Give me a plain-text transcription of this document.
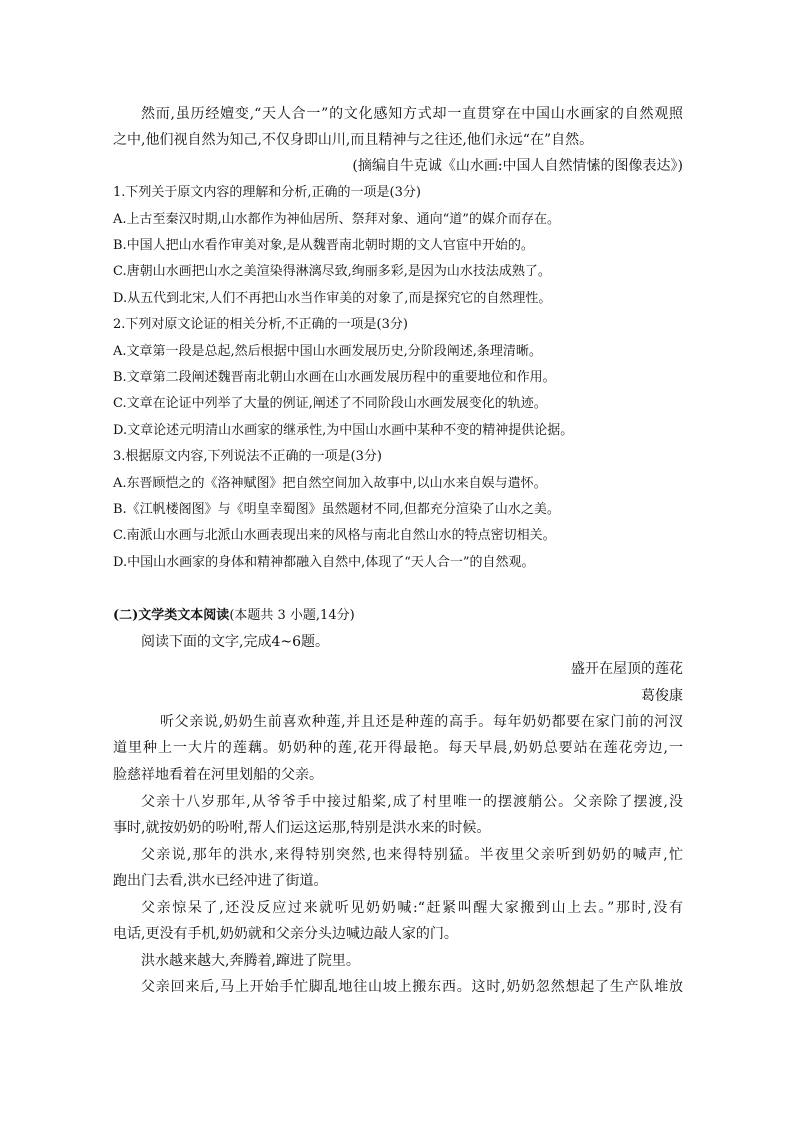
然而,虽历经嬗变,“天人合一”的文化感知方式却一直贯穿在中国山水画家的自然观照
之中,他们视自然为知己,不仅身即山川,而且精神与之往还,他们永远“在”自然。
(摘编自牛克诚《山水画:中国人自然情愫的图像表达》)
1.下列关于原文内容的理解和分析,正确的一项是(3分)
A.上古至秦汉时期,山水都作为神仙居所、祭拜对象、通向“道”的媒介而存在。
B.中国人把山水看作审美对象,是从魏晋南北朝时期的文人官宦中开始的。
C.唐朝山水画把山水之美渲染得淋漓尽致,绚丽多彩,是因为山水技法成熟了。
D.从五代到北宋,人们不再把山水当作审美的对象了,而是探究它的自然理性。
2.下列对原文论证的相关分析,不正确的一项是(3分)
A.文章第一段是总起,然后根据中国山水画发展历史,分阶段阐述,条理清晰。
B.文章第二段阐述魏晋南北朝山水画在山水画发展历程中的重要地位和作用。
C.文章在论证中列举了大量的例证,阐述了不同阶段山水画发展变化的轨迹。
D.文章论述元明清山水画家的继承性,为中国山水画中某种不变的精神提供论据。
3.根据原文内容,下列说法不正确的一项是(3分)
A.东晋顾恺之的《洛神赋图》把自然空间加入故事中,以山水来自娱与遣怀。
B.《江帆楼阁图》与《明皇幸蜀图》虽然题材不同,但都充分渲染了山水之美。
C.南派山水画与北派山水画表现出来的风格与南北自然山水的特点密切相关。
D.中国山水画家的身体和精神都融入自然中,体现了“天人合一”的自然观。
(二)文学类文本阅读(本题共 3 小题,14分)
阅读下面的文字,完成4~6题。
盛开在屋顶的莲花
葛俊康
听父亲说,奶奶生前喜欢种莲,并且还是种莲的高手。每年奶奶都要在家门前的河汊
道里种上一大片的莲藕。奶奶种的莲,花开得最艳。每天早晨,奶奶总要站在莲花旁边,一
脸慈祥地看着在河里划船的父亲。
父亲十八岁那年,从爷爷手中接过船桨,成了村里唯一的摆渡艄公。父亲除了摆渡,没
事时,就按奶奶的吩咐,帮人们运这运那,特别是洪水来的时候。
父亲说,那年的洪水,来得特别突然,也来得特别猛。半夜里父亲听到奶奶的喊声,忙
跑出门去看,洪水已经冲进了街道。
父亲惊呆了,还没反应过来就听见奶奶喊:“赶紧叫醒大家搬到山上去。”那时,没有
电话,更没有手机,奶奶就和父亲分头边喊边敲人家的门。
洪水越来越大,奔腾着,蹿进了院里。
父亲回来后,马上开始手忙脚乱地往山坡上搬东西。这时,奶奶忽然想起了生产队堆放
